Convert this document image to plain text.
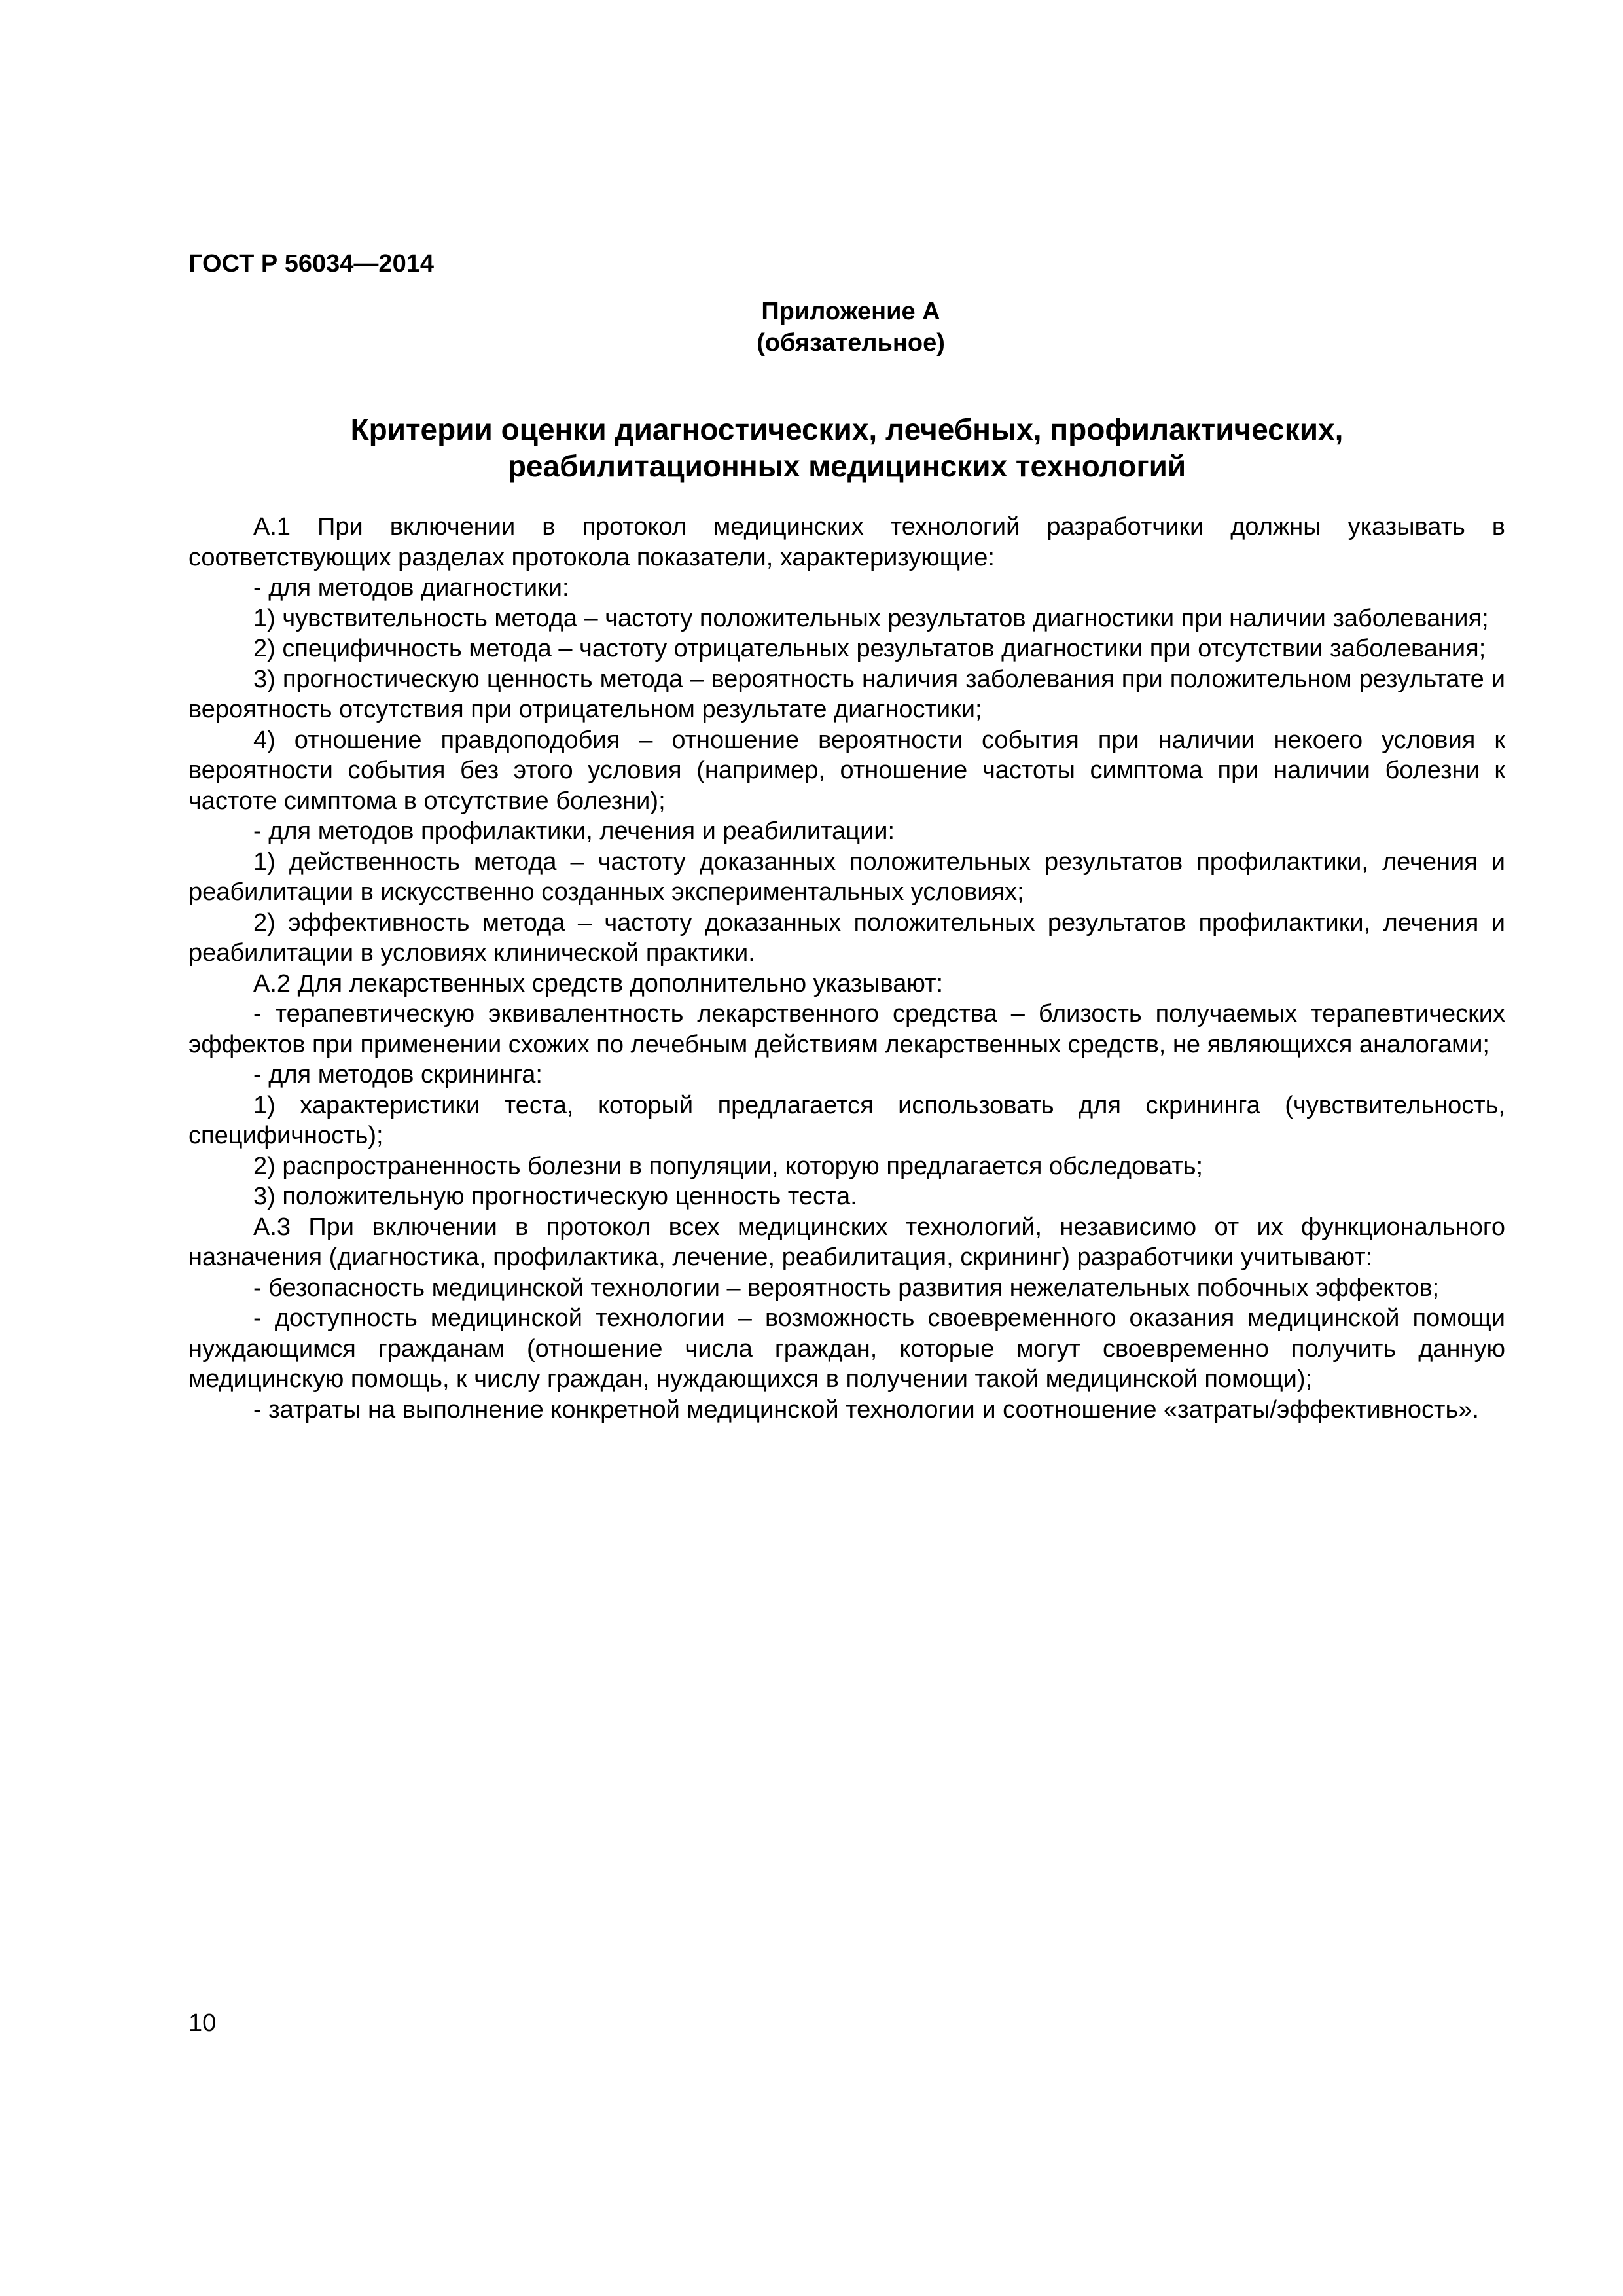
ГОСТ Р 56034—2014

Приложение А

(обязательное)

Критерии оценки диагностических, лечебных, профилактических,
реабилитационных медицинских технологий

А.1 При включении в протокол медицинских технологий разработчики должны указывать в соответствующих разделах протокола показатели, характеризующие:

- для методов диагностики:

1) чувствительность метода – частоту положительных результатов диагностики при наличии заболевания;

2) специфичность метода – частоту отрицательных результатов диагностики при отсутствии заболевания;

3) прогностическую ценность метода – вероятность наличия заболевания при положительном результате и вероятность отсутствия при отрицательном результате диагностики;

4) отношение правдоподобия – отношение вероятности события при наличии некоего условия к вероятности события без этого условия (например, отношение частоты симптома при наличии болезни к частоте симптома в отсутствие болезни);

- для методов профилактики, лечения и реабилитации:

1) действенность метода – частоту доказанных положительных результатов профилактики, лечения и реабилитации в искусственно созданных экспериментальных условиях;

2) эффективность метода – частоту доказанных положительных результатов профилактики, лечения и реабилитации в условиях клинической практики.

А.2 Для лекарственных средств дополнительно указывают:

- терапевтическую эквивалентность лекарственного средства – близость получаемых терапевтических эффектов при применении схожих по лечебным действиям лекарственных средств, не являющихся аналогами;

- для методов скрининга:

1) характеристики теста, который предлагается использовать для скрининга (чувствительность, специфичность);

2) распространенность болезни в популяции, которую предлагается обследовать;

3) положительную прогностическую ценность теста.

А.3 При включении в протокол всех медицинских технологий, независимо от их функционального назначения (диагностика, профилактика, лечение, реабилитация, скрининг) разработчики учитывают:

- безопасность медицинской технологии – вероятность развития нежелательных побочных эффектов;

- доступность медицинской технологии – возможность своевременного оказания медицинской помощи нуждающимся гражданам (отношение числа граждан, которые могут своевременно получить данную медицинскую помощь, к числу граждан, нуждающихся в получении такой медицинской помощи);

- затраты на выполнение конкретной медицинской технологии и соотношение «затраты/эффективность».

10
